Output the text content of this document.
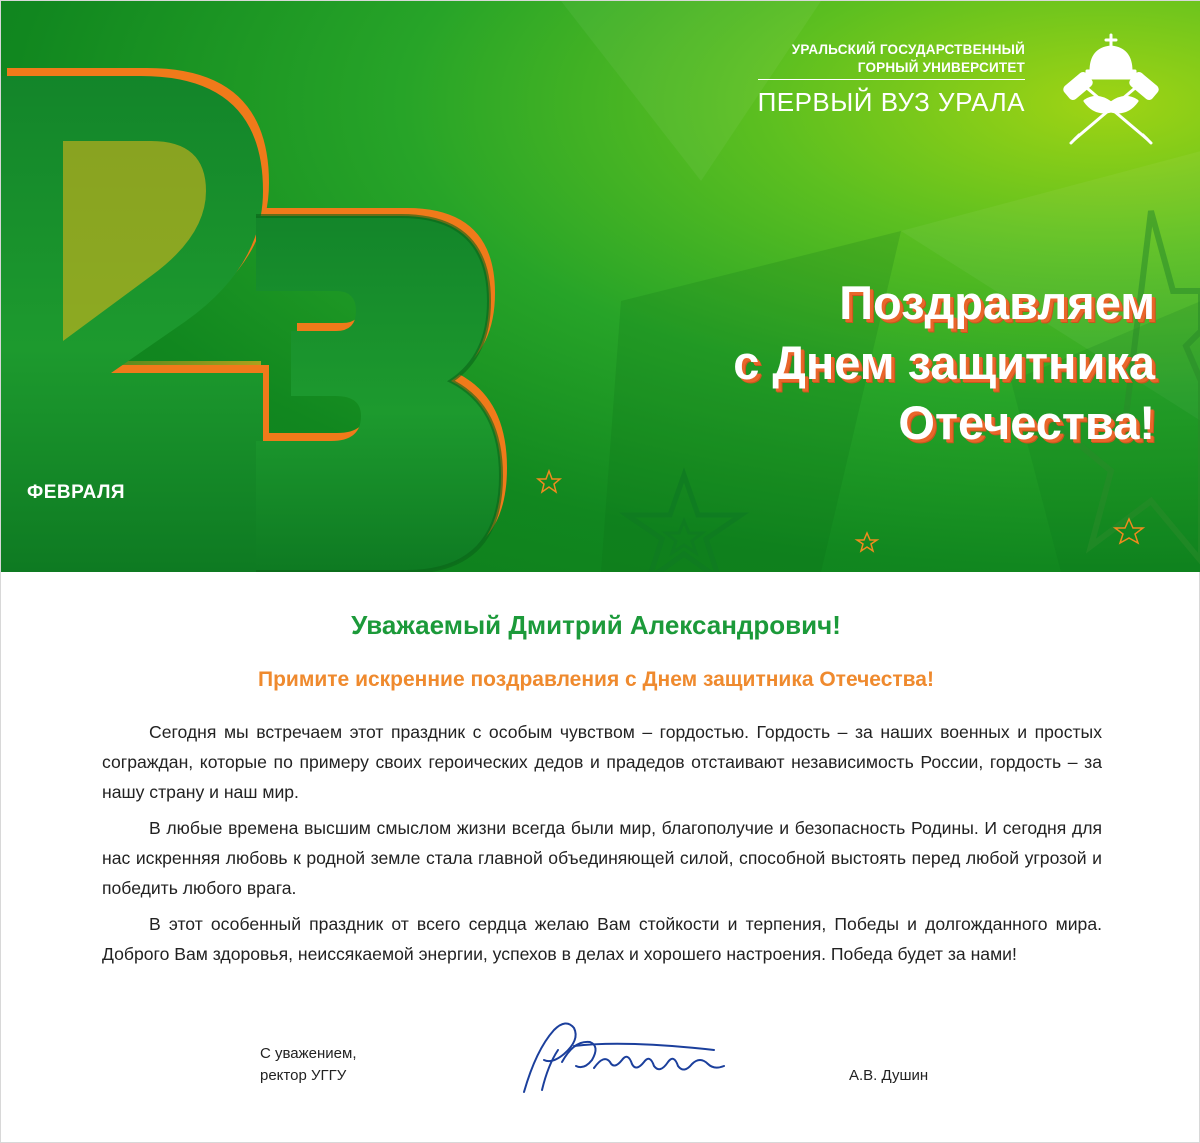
УРАЛЬСКИЙ ГОСУДАРСТВЕННЫЙ
ГОРНЫЙ УНИВЕРСИТЕТ
ПЕРВЫЙ ВУЗ УРАЛА
Поздравляем
с Днем защитника
Отечества!
ФЕВРАЛЯ
Уважаемый Дмитрий Александрович!
Примите искренние поздравления с Днем защитника Отечества!

Сегодня мы встречаем этот праздник с особым чувством – гордостью. Гордость – за наших военных и простых сограждан, которые по примеру своих героических дедов и прадедов отстаивают независимость России, гордость – за нашу страну и наш мир.

В любые времена высшим смыслом жизни всегда были мир, благополучие и безопасность Родины. И сегодня для нас искренняя любовь к родной земле стала главной объединяющей силой, способной выстоять перед любой угрозой и победить любого врага.

В этот особенный праздник от всего сердца желаю Вам стойкости и терпения, Победы и долгожданного мира. Доброго Вам здоровья, неиссякаемой энергии, успехов в делах и хорошего настроения. Победа будет за нами!

С уважением,
ректор УГГУ	А.В. Душин
